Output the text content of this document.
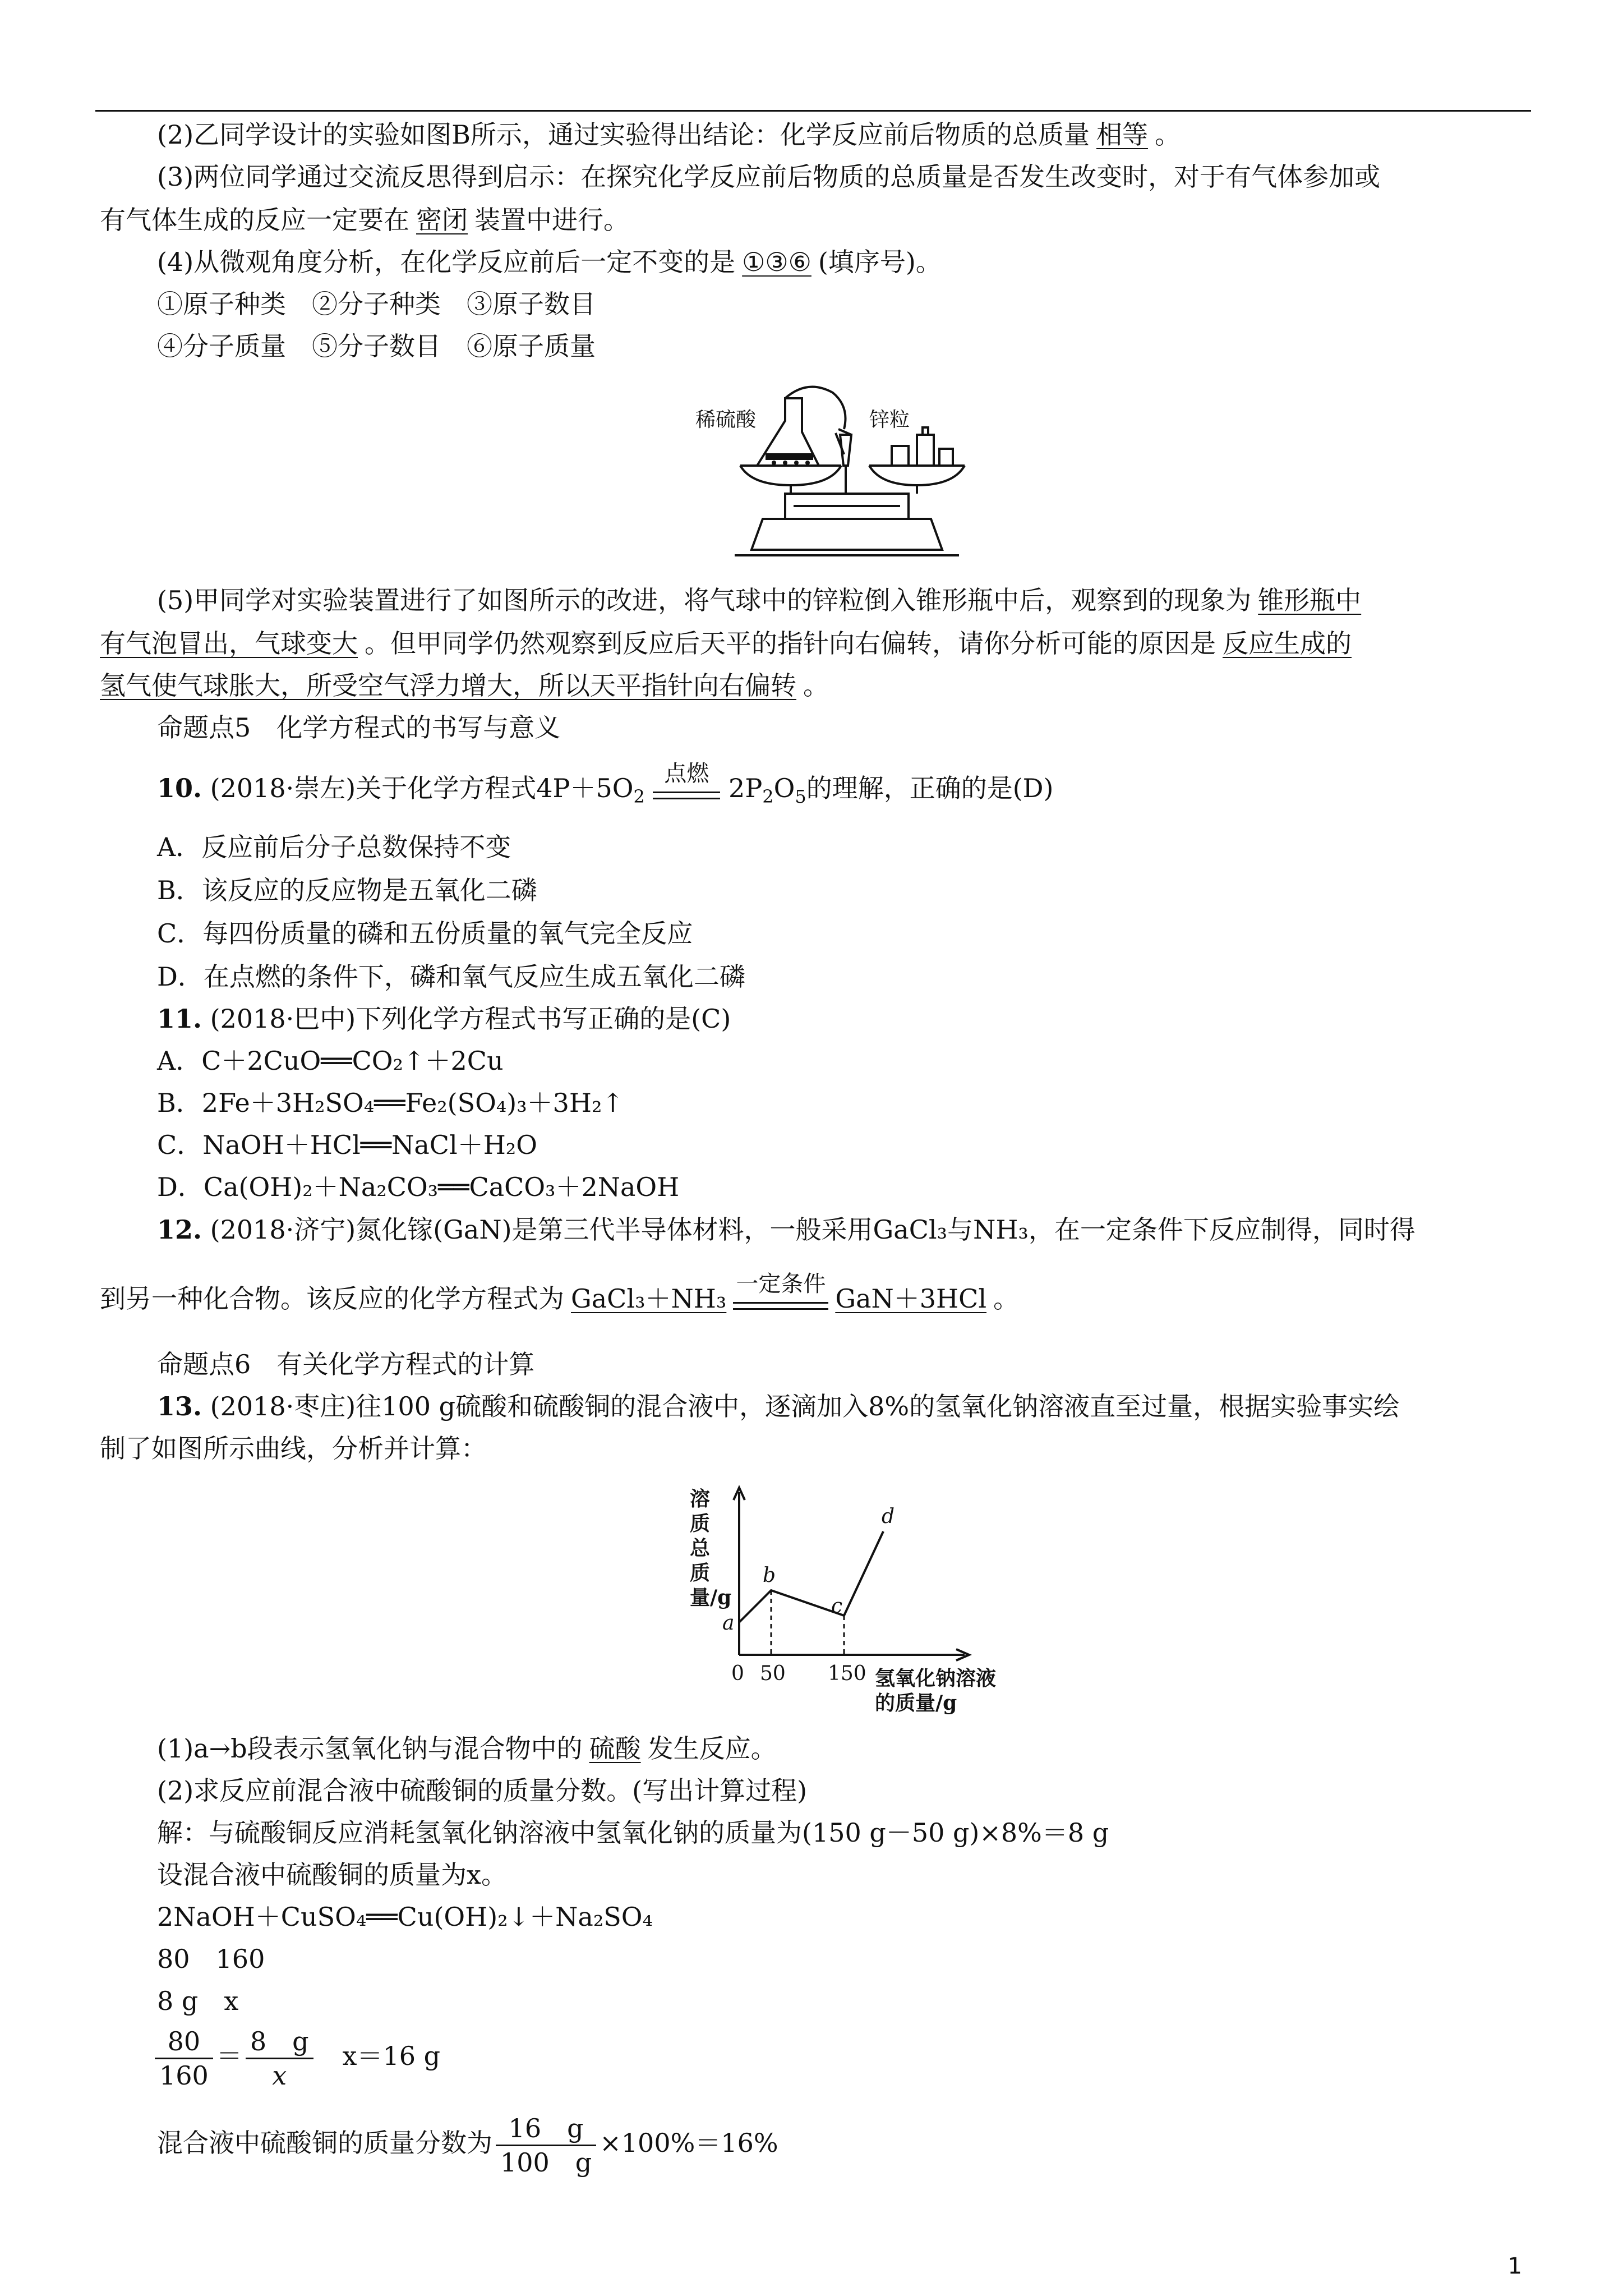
(2)乙同学设计的实验如图B所示，通过实验得出结论：化学反应前后物质的总质量 相等 。
(3)两位同学通过交流反思得到启示：在探究化学反应前后物质的总质量是否发生改变时，对于有气体参加或
有气体生成的反应一定要在 密闭 装置中进行。
(4)从微观角度分析，在化学反应前后一定不变的是 ①③⑥ (填序号)。
①原子种类　②分子种类　③原子数目
④分子质量　⑤分子数目　⑥原子质量
稀硫酸	锌粒
(5)甲同学对实验装置进行了如图所示的改进，将气球中的锌粒倒入锥形瓶中后，观察到的现象为 锥形瓶中
有气泡冒出，气球变大 。但甲同学仍然观察到反应后天平的指针向右偏转，请你分析可能的原因是 反应生成的
氢气使气球胀大，所受空气浮力增大，所以天平指针向右偏转 。
命题点5　化学方程式的书写与意义
10. (2018·崇左)关于化学方程式$4P+5O_2$
点燃 $2P_2O_5$的理解，正确的是(D)
A．反应前后分子总数保持不变
B．该反应的反应物是五氧化二磷
C．每四份质量的磷和五份质量的氧气完全反应
D．在点燃的条件下，磷和氧气反应生成五氧化二磷
11. (2018·巴中)下列化学方程式书写正确的是(C)
A．C＋2CuO══CO₂↑＋2Cu
B．2Fe＋3H₂SO₄══Fe₂(SO₄)₃＋3H₂↑
C．NaOH＋HCl══NaCl＋H₂O
D．Ca(OH)₂＋Na₂CO₃══CaCO₃＋2NaOH
12. (2018·济宁)氮化镓(GaN)是第三代半导体材料，一般采用GaCl₃与NH₃，在一定条件下反应制得，同时得
到另一种化合物。该反应的化学方程式为 GaCl₃＋NH₃ 一定条件 GaN＋3HCl 。
命题点6　有关化学方程式的计算
13. (2018·枣庄)往100 g硫酸和硫酸铜的混合液中，逐滴加入8%的氢氧化钠溶液直至过量，根据实验事实绘
制了如图所示曲线，分析并计算：
a
b
c
d
0 50 150
溶质总质量/g
氢氧化钠溶液的质量/g
(1)a→b段表示氢氧化钠与混合物中的 硫酸 发生反应。
(2)求反应前混合液中硫酸铜的质量分数。(写出计算过程)
解：与硫酸铜反应消耗氢氧化钠溶液中氢氧化钠的质量为(150 g－50 g)×8%＝8 g
设混合液中硫酸铜的质量为x。
2NaOH＋CuSO₄══Cu(OH)₂↓＋Na₂SO₄
80　160
8 g　x
$\frac{80}{160} = \frac{8 g}{x}$
　 x＝16 g
混合液中硫酸铜的质量分数为 $\frac{16 g}{100 g} \times 100\%=16\%$
1
